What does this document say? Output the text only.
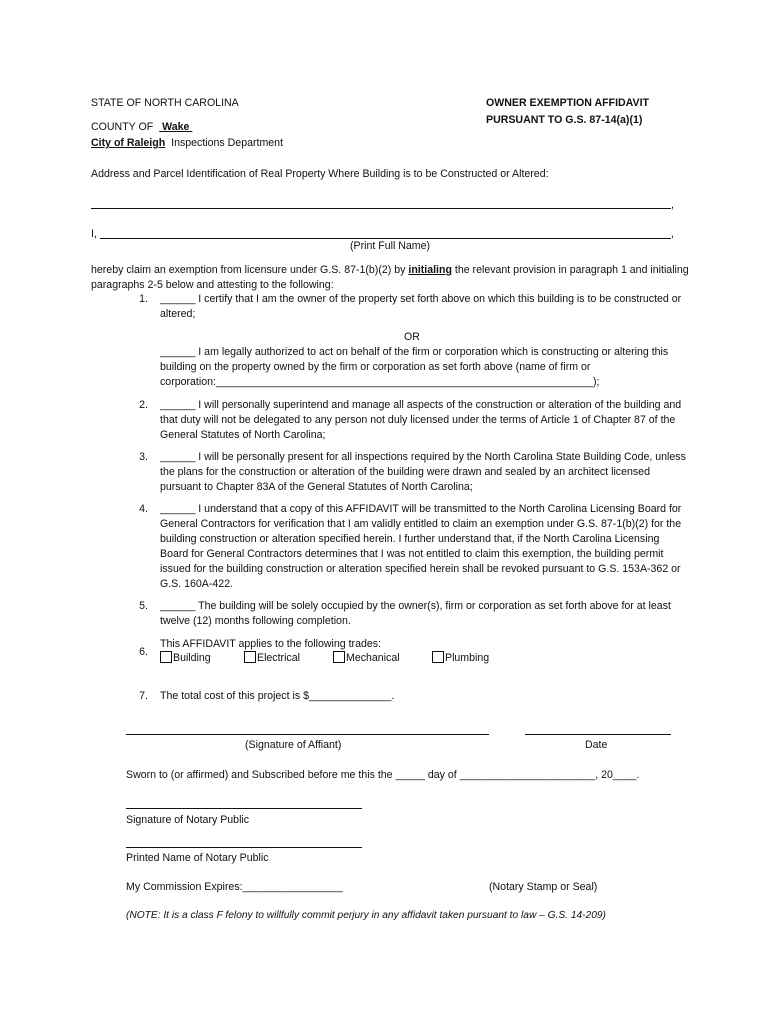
STATE OF NORTH CAROLINA	OWNER EXEMPTION AFFIDAVIT
PURSUANT TO G.S. 87-14(a)(1)
COUNTY OF Wake
City of Raleigh Inspections Department
Address and Parcel Identification of Real Property Where Building is to be Constructed or Altered:
,
I,	,
(Print Full Name)
hereby claim an exemption from licensure under G.S. 87-1(b)(2) by initialing the relevant provision in paragraph 1 and initialing paragraphs 2-5 below and attesting to the following:
1. ______ I certify that I am the owner of the property set forth above on which this building is to be constructed or altered;
OR
______ I am legally authorized to act on behalf of the firm or corporation which is constructing or altering this building on the property owned by the firm or corporation as set forth above (name of firm or corporation:________________________________________________________________);
2. ______ I will personally superintend and manage all aspects of the construction or alteration of the building and that duty will not be delegated to any person not duly licensed under the terms of Article 1 of Chapter 87 of the General Statutes of North Carolina;
3. ______ I will be personally present for all inspections required by the North Carolina State Building Code, unless the plans for the construction or alteration of the building were drawn and sealed by an architect licensed pursuant to Chapter 83A of the General Statutes of North Carolina;
4. ______ I understand that a copy of this AFFIDAVIT will be transmitted to the North Carolina Licensing Board for General Contractors for verification that I am validly entitled to claim an exemption under G.S. 87-1(b)(2) for the building construction or alteration specified herein. I further understand that, if the North Carolina Licensing Board for General Contractors determines that I was not entitled to claim this exemption, the building permit issued for the building construction or alteration specified herein shall be revoked pursuant to G.S. 153A-362 or G.S. 160A-422.
5. ______ The building will be solely occupied by the owner(s), firm or corporation as set forth above for at least twelve (12) months following completion.
6.
This AFFIDAVIT applies to the following trades:
Building	Electrical	Mechanical	Plumbing
7. The total cost of this project is $______________.
(Signature of Affiant)	Date
Sworn to (or affirmed) and Subscribed before me this the _____ day of _______________________, 20____.
Signature of Notary Public
Printed Name of Notary Public
My Commission Expires:_________________	(Notary Stamp or Seal)
(NOTE: It is a class F felony to willfully commit perjury in any affidavit taken pursuant to law – G.S. 14-209)
